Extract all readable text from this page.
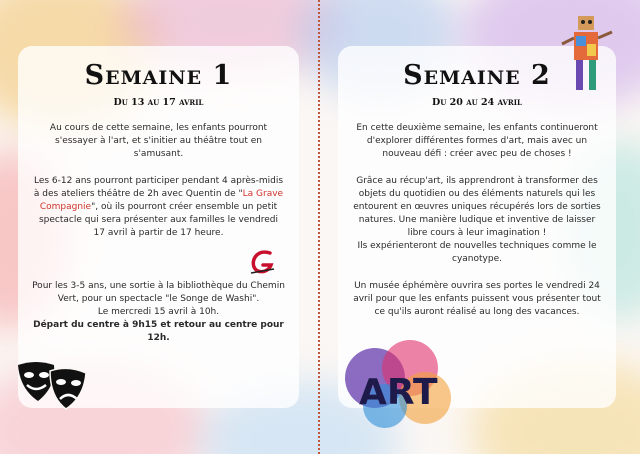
Semaine 1
Du 13 au 17 avril

Au cours de cette semaine, les enfants pourront s'essayer à l'art, et s'initier au théâtre tout en s'amusant.

Les 6-12 ans pourront participer pendant 4 après-midis à des ateliers théâtre de 2h avec Quentin de "La Grave Compagnie", où ils pourront créer ensemble un petit spectacle qui sera présenter aux familles le vendredi 17 avril à partir de 17 heure.

Pour les 3-5 ans, une sortie à la bibliothèque du Chemin Vert, pour un spectacle "le Songe de Washi".

Le mercredi 15 avril à 10h.

Départ du centre à 9h15 et retour au centre pour 12h.

Semaine 2
Du 20 au 24 avril

En cette deuxième semaine, les enfants continueront d'explorer différentes formes d'art, mais avec un nouveau défi : créer avec peu de choses !

Grâce au récup'art, ils apprendront à transformer des objets du quotidien ou des éléments naturels qui les entourent en œuvres uniques récupérés lors de sorties natures. Une manière ludique et inventive de laisser libre cours à leur imagination !

Ils expérienteront de nouvelles techniques comme le cyanotype.

Un musée éphémère ouvrira ses portes le vendredi 24 avril pour que les enfants puissent vous présenter tout ce qu'ils auront réalisé au long des vacances.

ART
